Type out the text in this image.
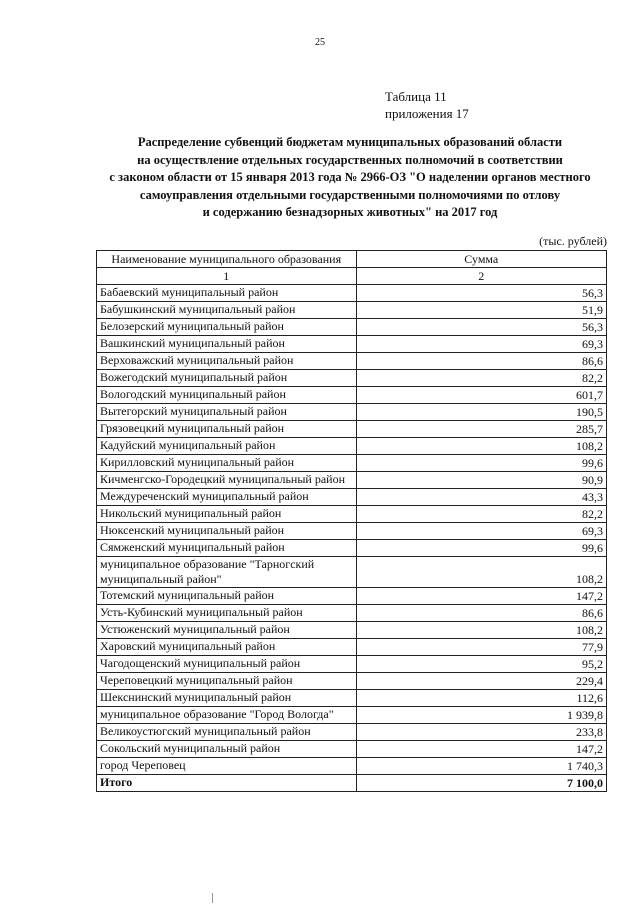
25
Таблица 11
приложения 17
Распределение субвенций бюджетам муниципальных образований области
на осуществление отдельных государственных полномочий в соответствии
с законом области от 15 января 2013 года № 2966-ОЗ "О наделении органов местного
самоуправления отдельными государственными полномочиями по отлову
и содержанию безнадзорных животных" на 2017 год
(тыс. рублей)
Наименование муниципального образования	Сумма
1	2
Бабаевский муниципальный район	56,3
Бабушкинский муниципальный район	51,9
Белозерский муниципальный район	56,3
Вашкинский муниципальный район	69,3
Верховажский муниципальный район	86,6
Вожегодский муниципальный район	82,2
Вологодский муниципальный район	601,7
Вытегорский муниципальный район	190,5
Грязовецкий муниципальный район	285,7
Кадуйский муниципальный район	108,2
Кирилловский муниципальный район	99,6
Кичменгско-Городецкий муниципальный район	90,9
Междуреченский муниципальный район	43,3
Никольский муниципальный район	82,2
Нюксенский муниципальный район	69,3
Сямженский муниципальный район	99,6
муниципальное образование "Тарногский муниципальный район"	108,2
Тотемский муниципальный район	147,2
Усть-Кубинский муниципальный район	86,6
Устюженский муниципальный район	108,2
Харовский муниципальный район	77,9
Чагодощенский муниципальный район	95,2
Череповецкий муниципальный район	229,4
Шекснинский муниципальный район	112,6
муниципальное образование "Город Вологда"	1 939,8
Великоустюгский муниципальный район	233,8
Сокольский муниципальный район	147,2
город Череповец	1 740,3
Итого	7 100,0
